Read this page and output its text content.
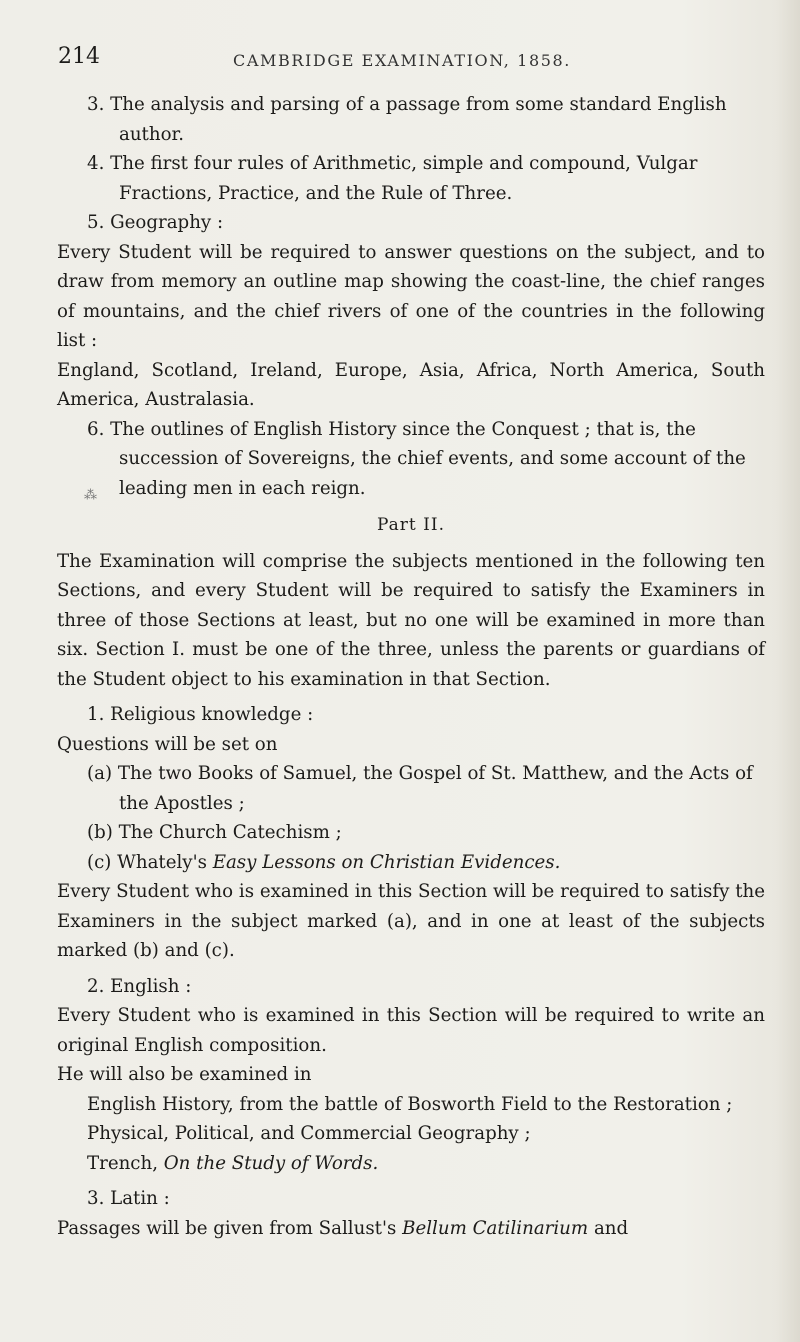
214	CAMBRIDGE EXAMINATION, 1858.
⁂

3. The analysis and parsing of a passage from some standard English author.

4. The first four rules of Arithmetic, simple and compound, Vulgar Fractions, Practice, and the Rule of Three.

5. Geography :

Every Student will be required to answer questions on the subject, and to draw from memory an outline map showing the coast-line, the chief ranges of mountains, and the chief rivers of one of the countries in the following list :

England, Scotland, Ireland, Europe, Asia, Africa, North America, South America, Australasia.

6. The outlines of English History since the Conquest ; that is, the succession of Sovereigns, the chief events, and some account of the leading men in each reign.

Part II.

The Examination will comprise the subjects mentioned in the following ten Sections, and every Student will be required to satisfy the Examiners in three of those Sections at least, but no one will be examined in more than six. Section I. must be one of the three, unless the parents or guardians of the Student object to his examination in that Section.

1. Religious knowledge :

Questions will be set on

(a) The two Books of Samuel, the Gospel of St. Matthew, and the Acts of the Apostles ;

(b) The Church Catechism ;

(c) Whately's Easy Lessons on Christian Evidences.

Every Student who is examined in this Section will be required to satisfy the Examiners in the subject marked (a), and in one at least of the subjects marked (b) and (c).

2. English :

Every Student who is examined in this Section will be required to write an original English composition.

He will also be examined in

English History, from the battle of Bosworth Field to the Restoration ;

Physical, Political, and Commercial Geography ;

Trench, On the Study of Words.

3. Latin :

Passages will be given from Sallust's Bellum Catilinarium and
